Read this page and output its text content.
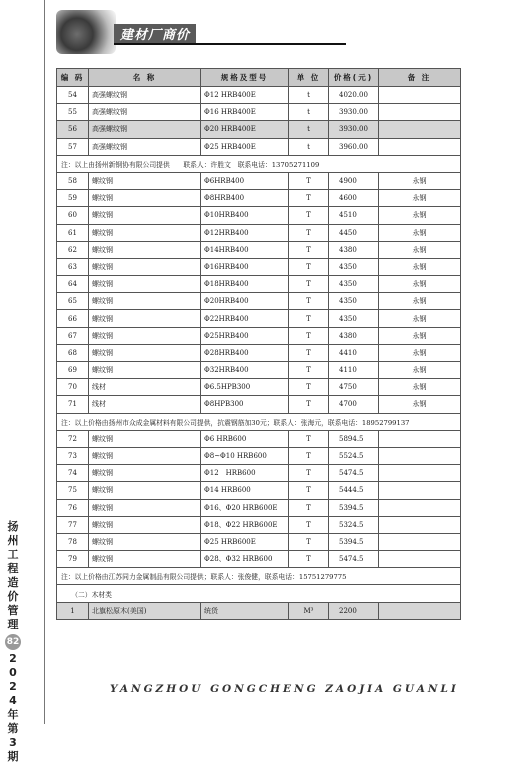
建材厂商价
扬
州
工
程
造
价
管
理
82
2
0
2
4
年
第
3
期
编 码	名 称	规格及型号	单 位	价格(元)	备 注
54	高强螺纹钢	Φ12 HRB400E	t	4020.00	
55	高强螺纹钢	Φ16 HRB400E	t	3930.00	
56	高强螺纹钢	Φ20 HRB400E	t	3930.00	
57	高强螺纹钢	Φ25 HRB400E	t	3960.00	
注：以上由扬州新钢协有限公司提供　　联系人：许胜文　联系电话：13705271109					
58	螺纹钢	Φ6HRB400	T	4900	永钢
59	螺纹钢	Φ8HRB400	T	4600	永钢
60	螺纹钢	Φ10HRB400	T	4510	永钢
61	螺纹钢	Φ12HRB400	T	4450	永钢
62	螺纹钢	Φ14HRB400	T	4380	永钢
63	螺纹钢	Φ16HRB400	T	4350	永钢
64	螺纹钢	Φ18HRB400	T	4350	永钢
65	螺纹钢	Φ20HRB400	T	4350	永钢
66	螺纹钢	Φ22HRB400	T	4350	永钢
67	螺纹钢	Φ25HRB400	T	4380	永钢
68	螺纹钢	Φ28HRB400	T	4410	永钢
69	螺纹钢	Φ32HRB400	T	4110	永钢
70	线材	Φ6.5HPB300	T	4750	永钢
71	线材	Φ8HPB300	T	4700	永钢
注：以上价格由扬州市众成金属材料有限公司提供，抗震钢筋加30元；联系人：张海元，联系电话：18952799137					
72	螺纹钢	Φ6 HRB600	T	5894.5	
73	螺纹钢	Φ8~Φ10 HRB600	T	5524.5	
74	螺纹钢	Φ12　HRB600	T	5474.5	
75	螺纹钢	Φ14 HRB600	T	5444.5	
76	螺纹钢	Φ16、Φ20 HRB600E	T	5394.5	
77	螺纹钢	Φ18、Φ22 HRB600E	T	5324.5	
78	螺纹钢	Φ25 HRB600E	T	5394.5	
79	螺纹钢	Φ28、Φ32 HRB600	T	5474.5	
注：以上价格由江苏同力金属制品有限公司提供；联系人：张俊健，联系电话：15751279775					
　　（二）木材类					
1	北旗松原木(美国)	统货	M³	2200	
YANGZHOU GONGCHENG ZAOJIA GUANLI
